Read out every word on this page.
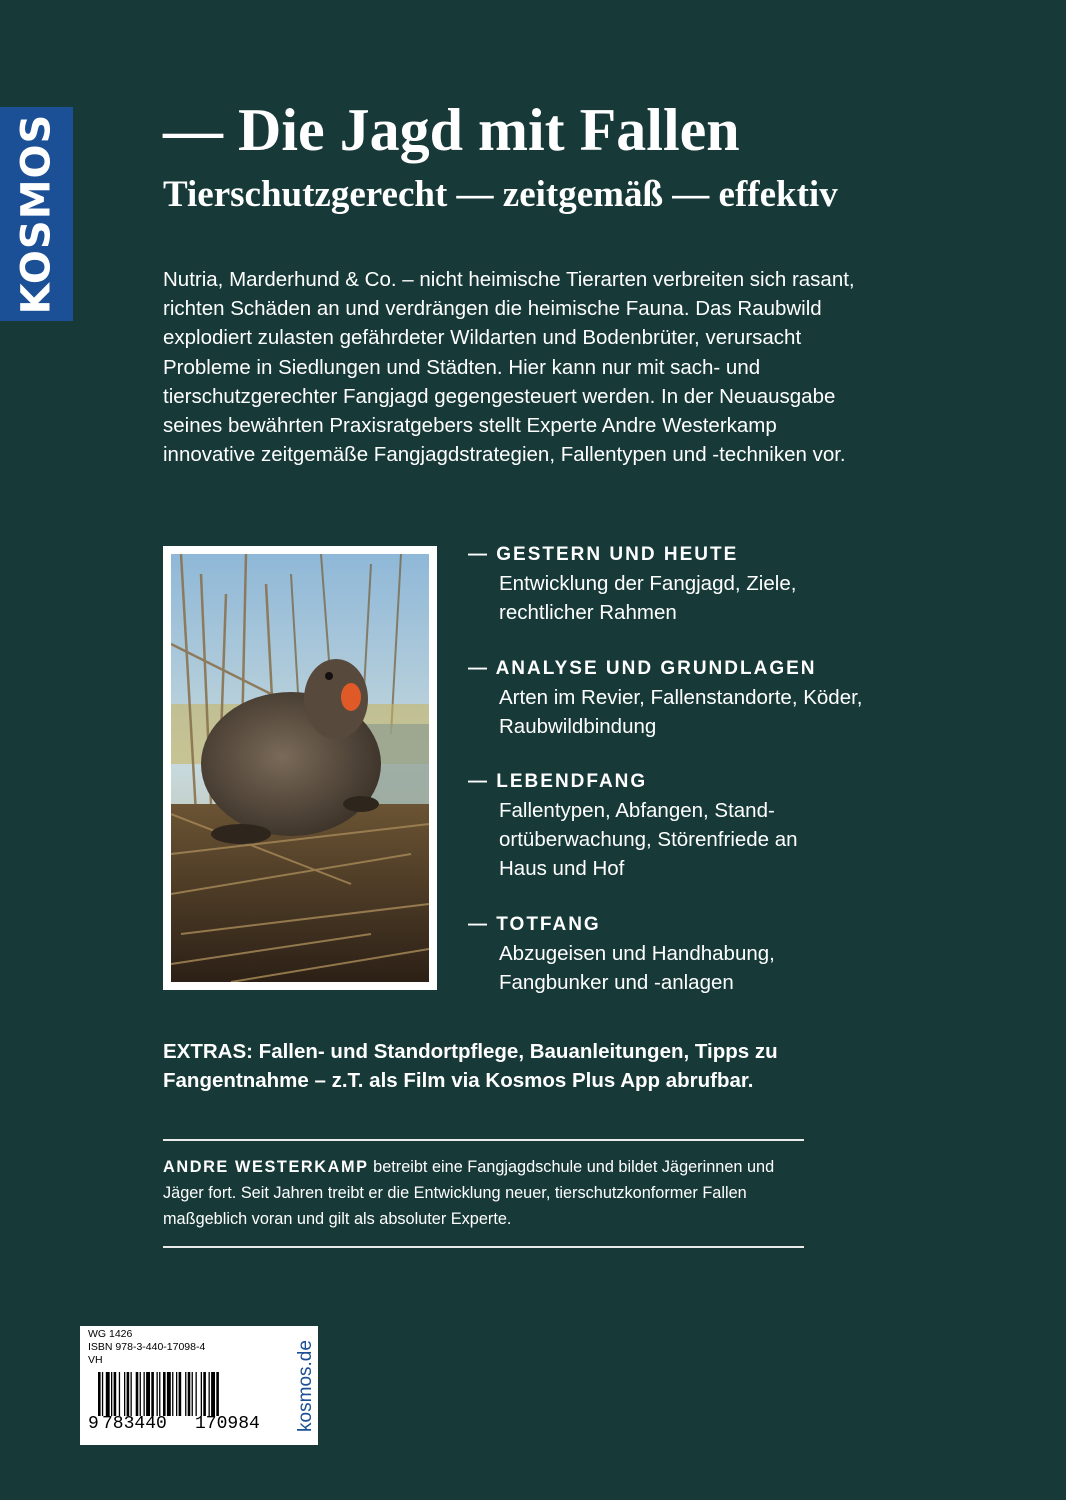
KOSMOS — Die Jagd mit Fallen
Tierschutzgerecht — zeitgemäß — effektiv

Nutria, Marderhund & Co. – nicht heimische Tierarten verbreiten sich rasant, richten Schäden an und verdrängen die heimische Fauna. Das Raubwild explodiert zulasten gefährdeter Wildarten und Bodenbrüter, verursacht Probleme in Siedlungen und Städten. Hier kann nur mit sach- und tierschutzgerechter Fangjagd gegengesteuert werden. In der Neuausgabe seines bewährten Praxisratgebers stellt Experte Andre Westerkamp innovative zeitgemäße Fangjagdstrategien, Fallentypen und -techniken vor.

— GESTERN UND HEUTE
Entwicklung der Fangjagd, Ziele, rechtlicher Rahmen
— ANALYSE UND GRUNDLAGEN
Arten im Revier, Fallenstandorte, Köder, Raubwildbindung
— LEBENDFANG
Fallentypen, Abfangen, Stand-ortüberwachung, Störenfriede an Haus und Hof
— TOTFANG
Abzugeisen und Handhabung, Fangbunker und -anlagen

EXTRAS: Fallen- und Standortpflege, Bauanleitungen, Tipps zu Fangentnahme – z.T. als Film via Kosmos Plus App abrufbar.

ANDRE WESTERKAMP betreibt eine Fangjagdschule und bildet Jägerinnen und Jäger fort. Seit Jahren treibt er die Entwicklung neuer, tierschutzkonformer Fallen maßgeblich voran und gilt als absoluter Experte.

WG 1426
ISBN 978-3-440-17098-4
VH
9 783440 170984 kosmos.de
